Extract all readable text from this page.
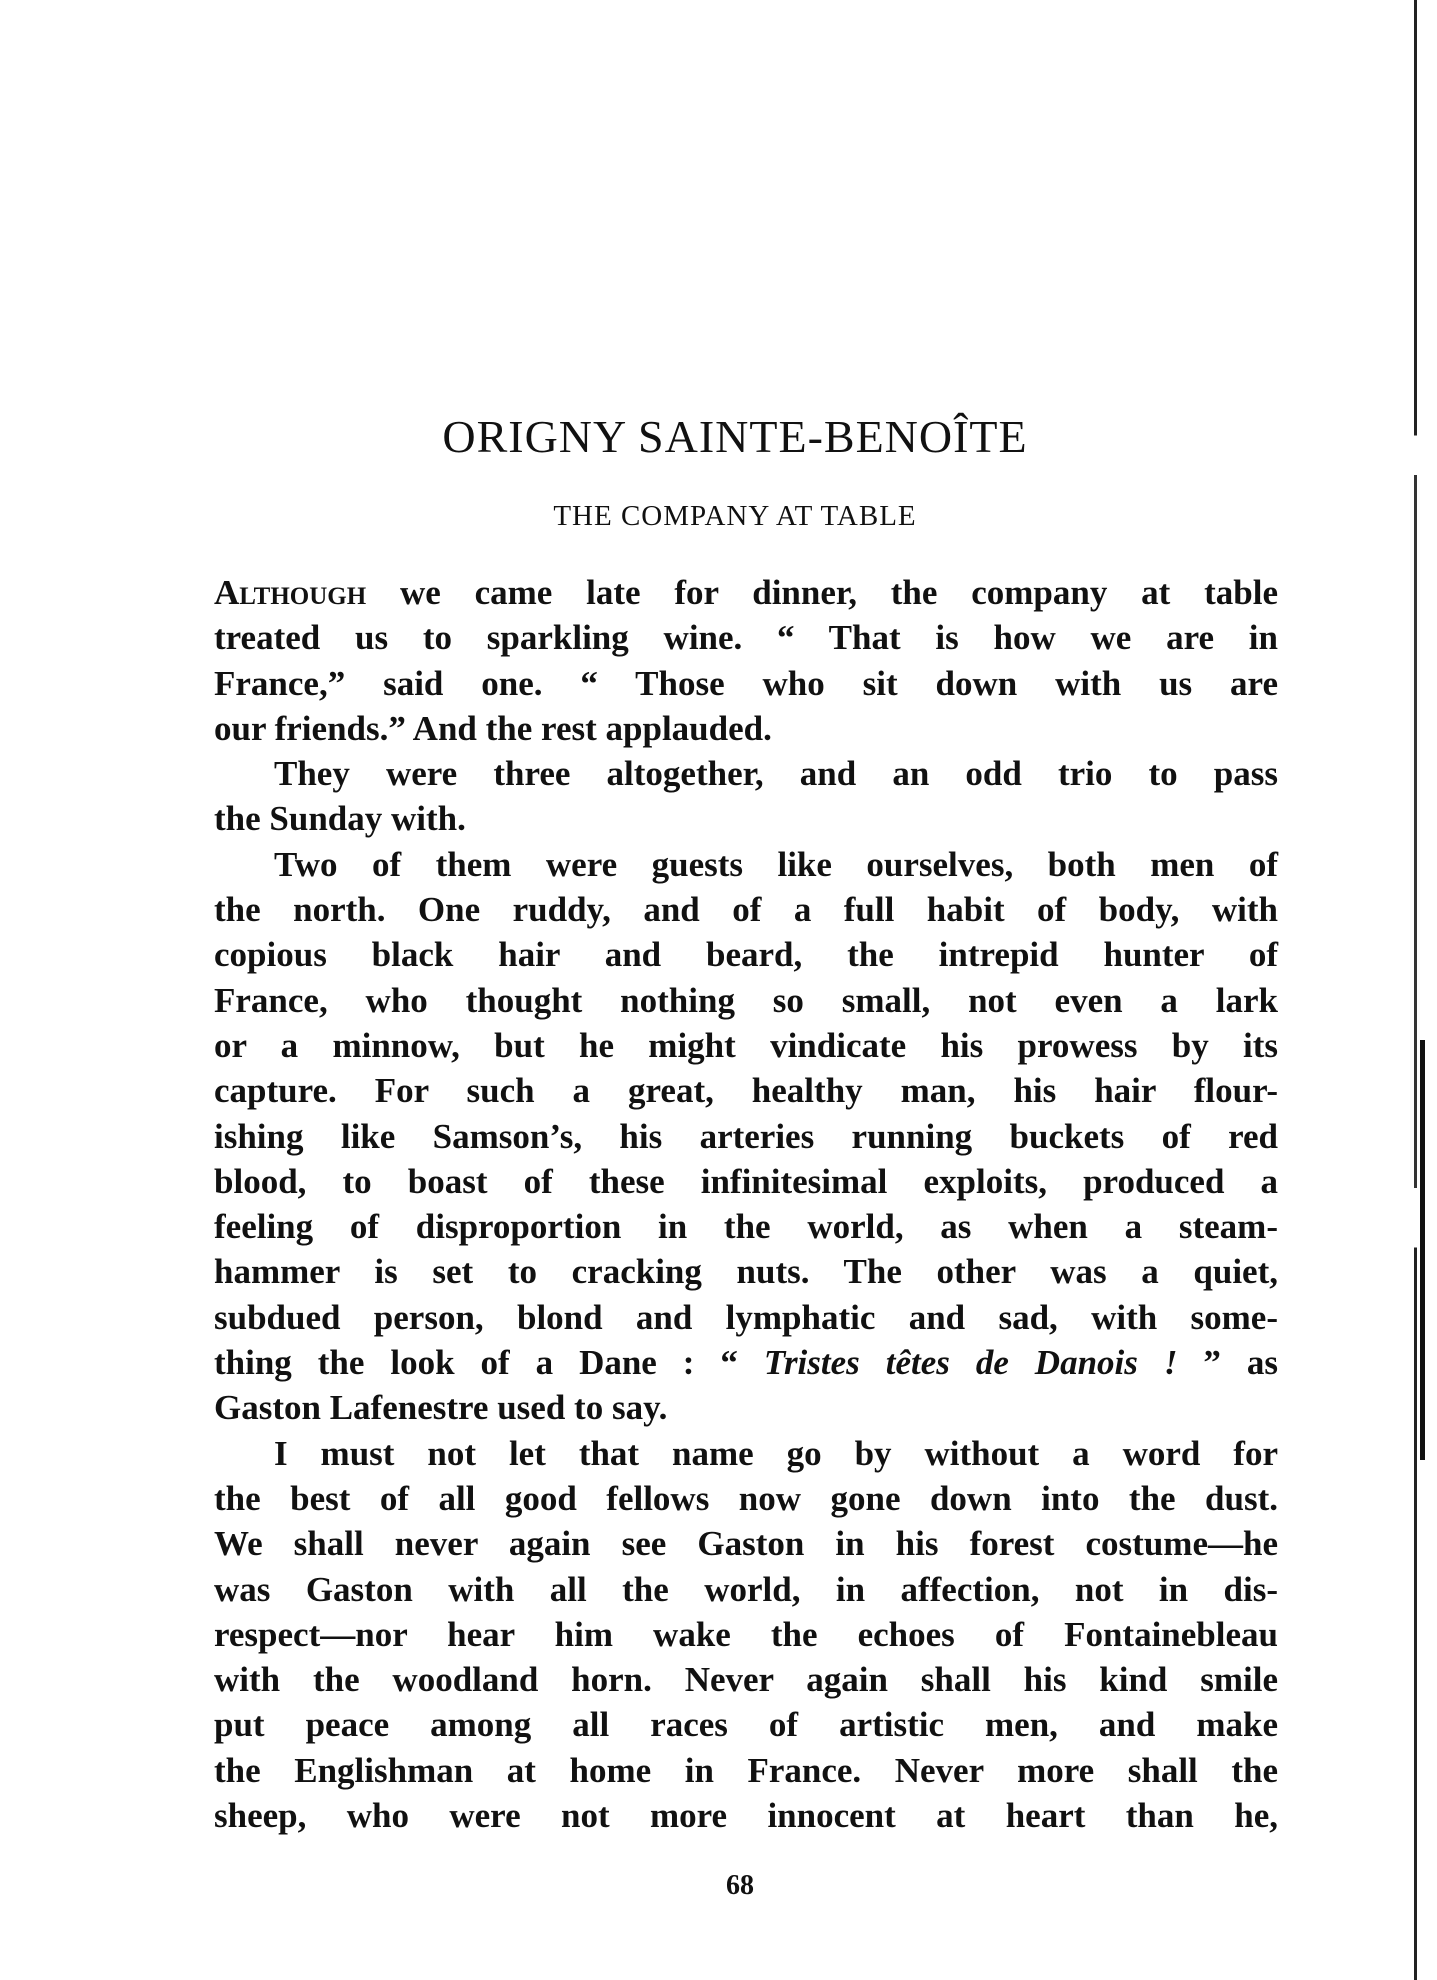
ORIGNY SAINTE-BENOÎTE
THE COMPANY AT TABLE
Although we came late for dinner, the company at table
treated us to sparkling wine. “ That is how we are in
France,” said one. “ Those who sit down with us are
our friends.” And the rest applauded.
They were three altogether, and an odd trio to pass
the Sunday with.
Two of them were guests like ourselves, both men of
the north. One ruddy, and of a full habit of body, with
copious black hair and beard, the intrepid hunter of
France, who thought nothing so small, not even a lark
or a minnow, but he might vindicate his prowess by its
capture. For such a great, healthy man, his hair flour-
ishing like Samson’s, his arteries running buckets of red
blood, to boast of these infinitesimal exploits, produced a
feeling of disproportion in the world, as when a steam-
hammer is set to cracking nuts. The other was a quiet,
subdued person, blond and lymphatic and sad, with some-
thing the look of a Dane : “ Tristes têtes de Danois ! ” as
Gaston Lafenestre used to say.
I must not let that name go by without a word for
the best of all good fellows now gone down into the dust.
We shall never again see Gaston in his forest costume—he
was Gaston with all the world, in affection, not in dis-
respect—nor hear him wake the echoes of Fontainebleau
with the woodland horn. Never again shall his kind smile
put peace among all races of artistic men, and make
the Englishman at home in France. Never more shall the
sheep, who were not more innocent at heart than he,
68
